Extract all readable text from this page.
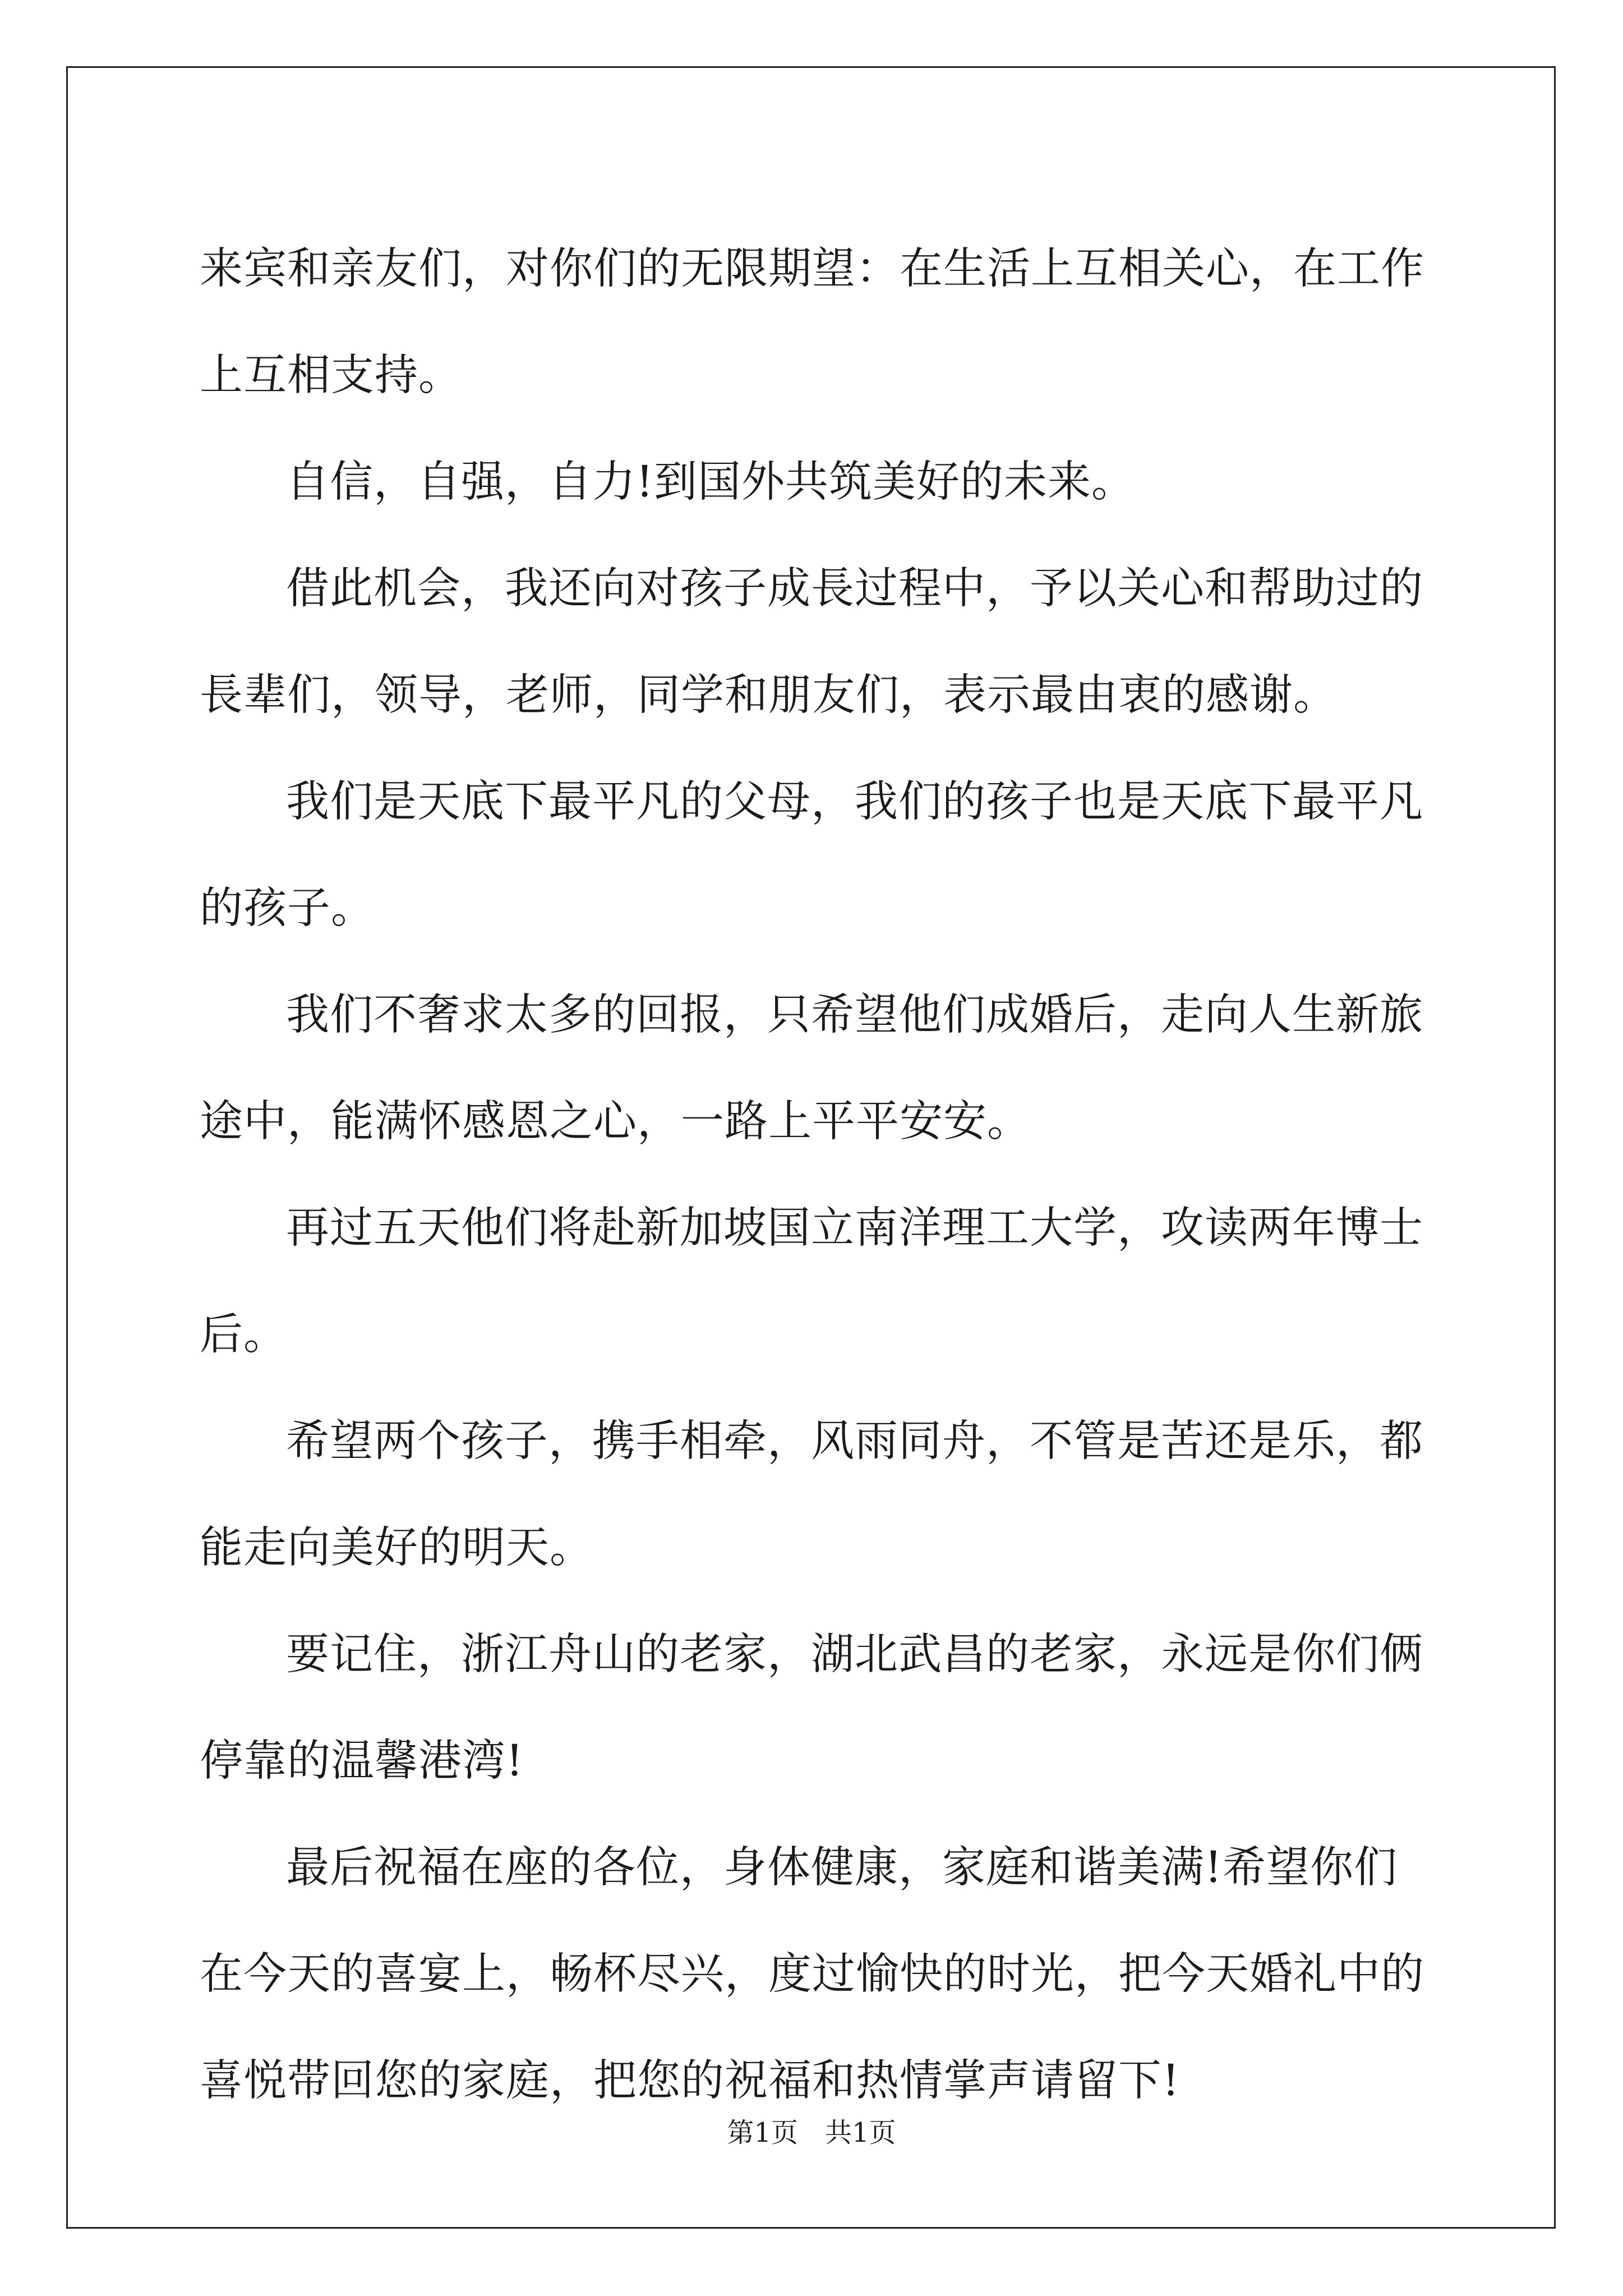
来宾和亲友们，对你们的无限期望：在生活上互相关心，在工作上互相支持。

自信，自强，自力!到国外共筑美好的未来。

借此机会，我还向对孩子成長过程中，予以关心和帮助过的長辈们，领导，老师，同学和朋友们，表示最由衷的感谢。

我们是天底下最平凡的父母，我们的孩子也是天底下最平凡的孩子。

我们不奢求太多的回报，只希望他们成婚后，走向人生新旅途中，能满怀感恩之心，一路上平平安安。

再过五天他们将赴新加坡国立南洋理工大学，攻读两年博士后。

希望两个孩子，携手相牵，风雨同舟，不管是苦还是乐，都能走向美好的明天。

要记住，浙江舟山的老家，湖北武昌的老家，永远是你们俩停靠的温馨港湾!

最后祝福在座的各位，身体健康，家庭和谐美满!希望你们在今天的喜宴上，畅杯尽兴，度过愉快的时光，把今天婚礼中的喜悦带回您的家庭，把您的祝福和热情掌声请留下!

第1页　共1页
